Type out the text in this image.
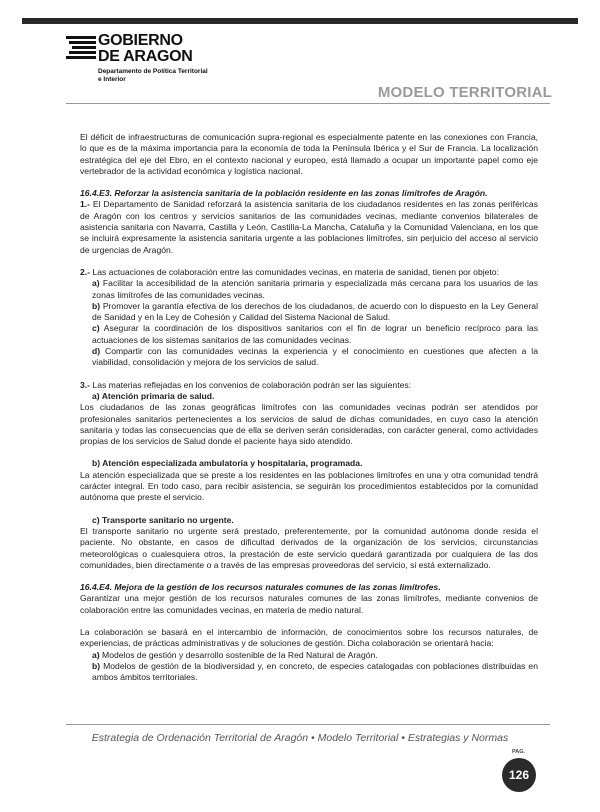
GOBIERNO
DE ARAGON
Departamento de Política Territorial
e Interior
MODELO TERRITORIAL

El déficit de infraestructuras de comunicación supra-regional es especialmente patente en las conexiones con Francia, lo que es de la máxima importancia para la economía de toda la Península Ibérica y el Sur de Francia. La localización estratégica del eje del Ebro, en el contexto nacional y europeo, está llamado a ocupar un importante papel como eje vertebrador de la actividad económica y logística nacional.

16.4.E3. Reforzar la asistencia sanitaria de la población residente en las zonas limítrofes de Aragón.

1.- El Departamento de Sanidad reforzará la asistencia sanitaria de los ciudadanos residentes en las zonas periféricas de Aragón con los centros y servicios sanitarios de las comunidades vecinas, mediante convenios bilaterales de asistencia sanitaria con Navarra, Castilla y León, Castilla-La Mancha, Cataluña y la Comunidad Valenciana, en los que se incluirá expresamente la asistencia sanitaria urgente a las poblaciones limítrofes, sin perjuicio del acceso al servicio de urgencias de Aragón.

2.- Las actuaciones de colaboración entre las comunidades vecinas, en materia de sanidad, tienen por objeto:

a) Facilitar la accesibilidad de la atención sanitaria primaria y especializada más cercana para los usuarios de las zonas limítrofes de las comunidades vecinas.

b) Promover la garantía efectiva de los derechos de los ciudadanos, de acuerdo con lo dispuesto en la Ley General de Sanidad y en la Ley de Cohesión y Calidad del Sistema Nacional de Salud.

c) Asegurar la coordinación de los dispositivos sanitarios con el fin de lograr un beneficio recíproco para las actuaciones de los sistemas sanitarios de las comunidades vecinas.

d) Compartir con las comunidades vecinas la experiencia y el conocimiento en cuestiones que afecten a la viabilidad, consolidación y mejora de los servicios de salud.

3.- Las materias reflejadas en los convenios de colaboración podrán ser las siguientes:

a) Atención primaria de salud.

Los ciudadanos de las zonas geográficas limítrofes con las comunidades vecinas podrán ser atendidos por profesionales sanitarios pertenecientes a los servicios de salud de dichas comunidades, en cuyo caso la atención sanitaria y todas las consecuencias que de ella se deriven serán consideradas, con carácter general, como actividades propias de los servicios de Salud donde el paciente haya sido atendido.

b) Atención especializada ambulatoria y hospitalaria, programada.

La atención especializada que se preste a los residentes en las poblaciones limítrofes en una y otra comunidad tendrá carácter integral. En todo caso, para recibir asistencia, se seguirán los procedimientos establecidos por la comunidad autónoma que preste el servicio.

c) Transporte sanitario no urgente.

El transporte sanitario no urgente será prestado, preferentemente, por la comunidad autónoma donde resida el paciente. No obstante, en casos de dificultad derivados de la organización de los servicios, circunstancias meteorológicas o cualesquiera otros, la prestación de este servicio quedará garantizada por cualquiera de las dos comunidades, bien directamente o a través de las empresas proveedoras del servicio, si está externalizado.

16.4.E4. Mejora de la gestión de los recursos naturales comunes de las zonas limítrofes.

Garantizar una mejor gestión de los recursos naturales comunes de las zonas limítrofes, mediante convenios de colaboración entre las comunidades vecinas, en materia de medio natural.

La colaboración se basará en el intercambio de información, de conocimientos sobre los recursos naturales, de experiencias, de prácticas administrativas y de soluciones de gestión. Dicha colaboración se orientará hacia:

a) Modelos de gestión y desarrollo sostenible de la Red Natural de Aragón.

b) Modelos de gestión de la biodiversidad y, en concreto, de especies catalogadas con poblaciones distribuidas en ambos ámbitos territoriales.

Estrategia de Ordenación Territorial de Aragón • Modelo Territorial • Estrategias y Normas
PAG.
126
